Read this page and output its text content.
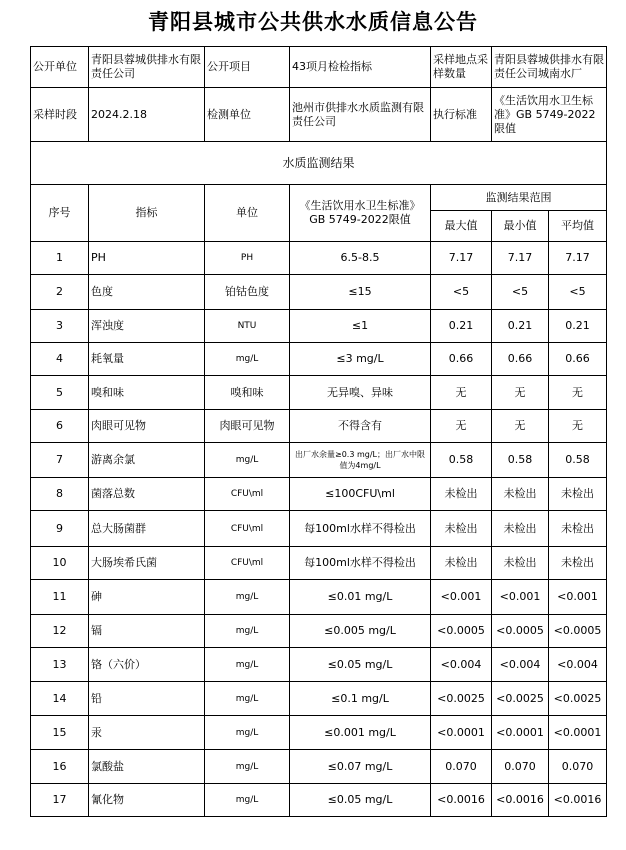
青阳县城市公共供水水质信息公告
公开单位	青阳县蓉城供排水有限责任公司	公开项目	43项月检检指标	采样地点采样数量	青阳县蓉城供排水有限责任公司城南水厂	
采样时段	2024.2.18	检测单位	池州市供排水水质监测有限责任公司	执行标准	《生活饮用水卫生标准》GB 5749-2022限值	
水质监测结果						
序号	指标	单位	《生活饮用水卫生标准》GB 5749-2022限值	监测结果范围		
				最大值	最小值	平均值
1	PH	PH	6.5-8.5	7.17	7.17	7.17
2	色度	铂钴色度	≤15	<5	<5	<5
3	浑浊度	NTU	≤1	0.21	0.21	0.21
4	耗氧量	mg/L	≤3 mg/L	0.66	0.66	0.66
5	嗅和味	嗅和味	无异嗅、异味	无	无	无
6	肉眼可见物	肉眼可见物	不得含有	无	无	无
7	游离余氯	mg/L	出厂水余量≥0.3 mg/L；出厂水中限值为4mg/L	0.58	0.58	0.58
8	菌落总数	CFU\ml	≤100CFU\ml	未检出	未检出	未检出
9	总大肠菌群	CFU\ml	每100ml水样不得检出	未检出	未检出	未检出
10	大肠埃希氏菌	CFU\ml	每100ml水样不得检出	未检出	未检出	未检出
11	砷	mg/L	≤0.01 mg/L	<0.001	<0.001	<0.001
12	镉	mg/L	≤0.005 mg/L	<0.0005	<0.0005	<0.0005
13	铬（六价）	mg/L	≤0.05 mg/L	<0.004	<0.004	<0.004
14	铅	mg/L	≤0.1 mg/L	<0.0025	<0.0025	<0.0025
15	汞	mg/L	≤0.001 mg/L	<0.0001	<0.0001	<0.0001
16	氯酸盐	mg/L	≤0.07 mg/L	0.070	0.070	0.070
17	氰化物	mg/L	≤0.05 mg/L	<0.0016	<0.0016	<0.0016
